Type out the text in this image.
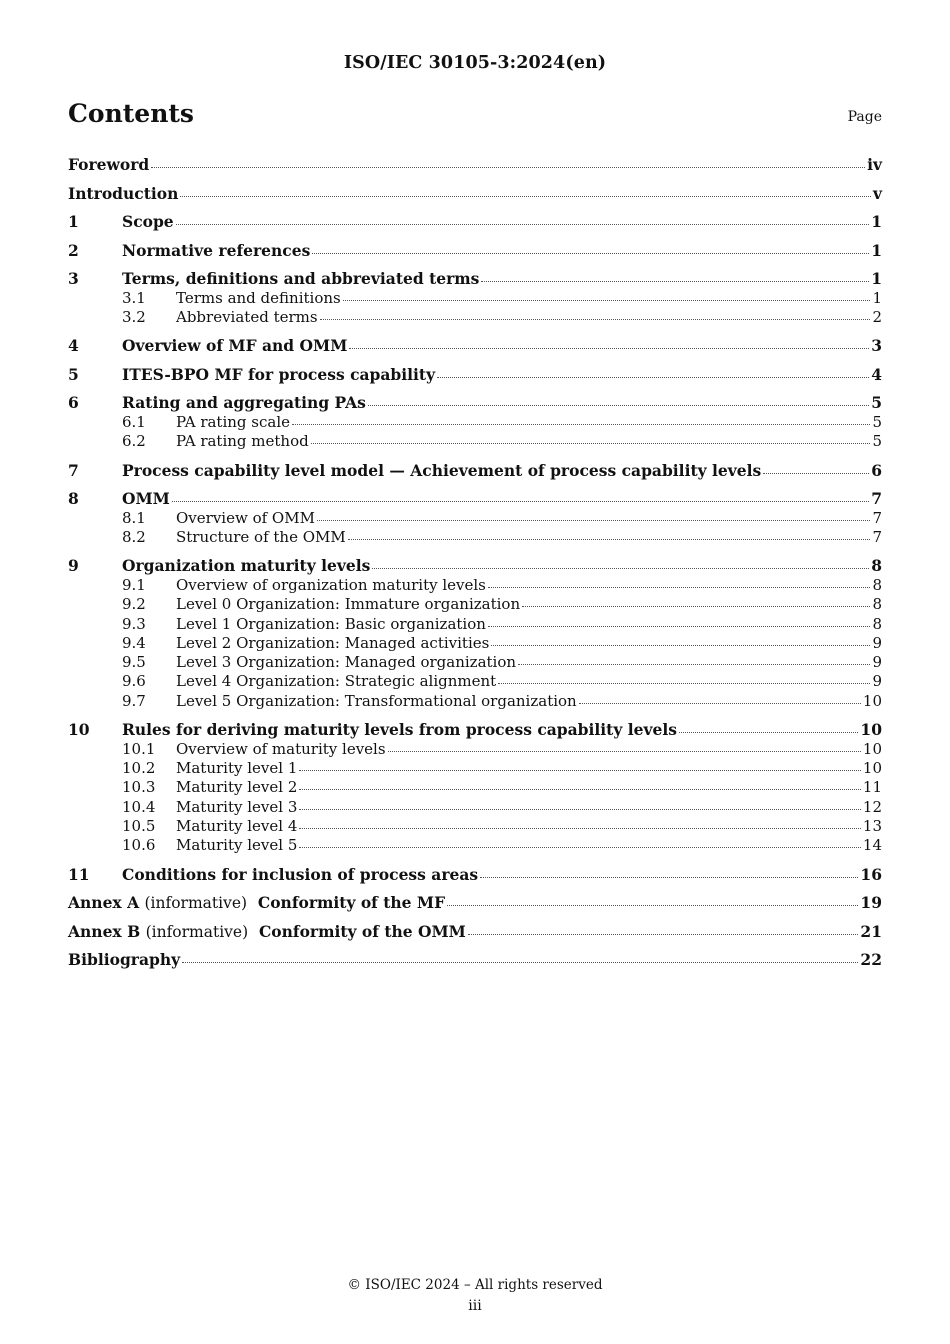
ISO/IEC 30105-3:2024(en)
Contents	Page
Foreword	iv
Introduction	v
1	Scope	1
2	Normative references	1
3	Terms, definitions and abbreviated terms	1
3.1	Terms and definitions	1
3.2	Abbreviated terms	2
4	Overview of MF and OMM	3
5	ITES-BPO MF for process capability	4
6	Rating and aggregating PAs	5
6.1	PA rating scale	5
6.2	PA rating method	5
7	Process capability level model — Achievement of process capability levels	6
8	OMM	7
8.1	Overview of OMM	7
8.2	Structure of the OMM	7
9	Organization maturity levels	8
9.1	Overview of organization maturity levels	8
9.2	Level 0 Organization: Immature organization	8
9.3	Level 1 Organization: Basic organization	8
9.4	Level 2 Organization: Managed activities	9
9.5	Level 3 Organization: Managed organization	9
9.6	Level 4 Organization: Strategic alignment	9
9.7	Level 5 Organization: Transformational organization	10
10	Rules for deriving maturity levels from process capability levels	10
10.1	Overview of maturity levels	10
10.2	Maturity level 1	10
10.3	Maturity level 2	11
10.4	Maturity level 3	12
10.5	Maturity level 4	13
10.6	Maturity level 5	14
11	Conditions for inclusion of process areas	16
Annex A (informative) Conformity of the MF	19
Annex B (informative) Conformity of the OMM	21
Bibliography	22
© ISO/IEC 2024 – All rights reserved
iii
